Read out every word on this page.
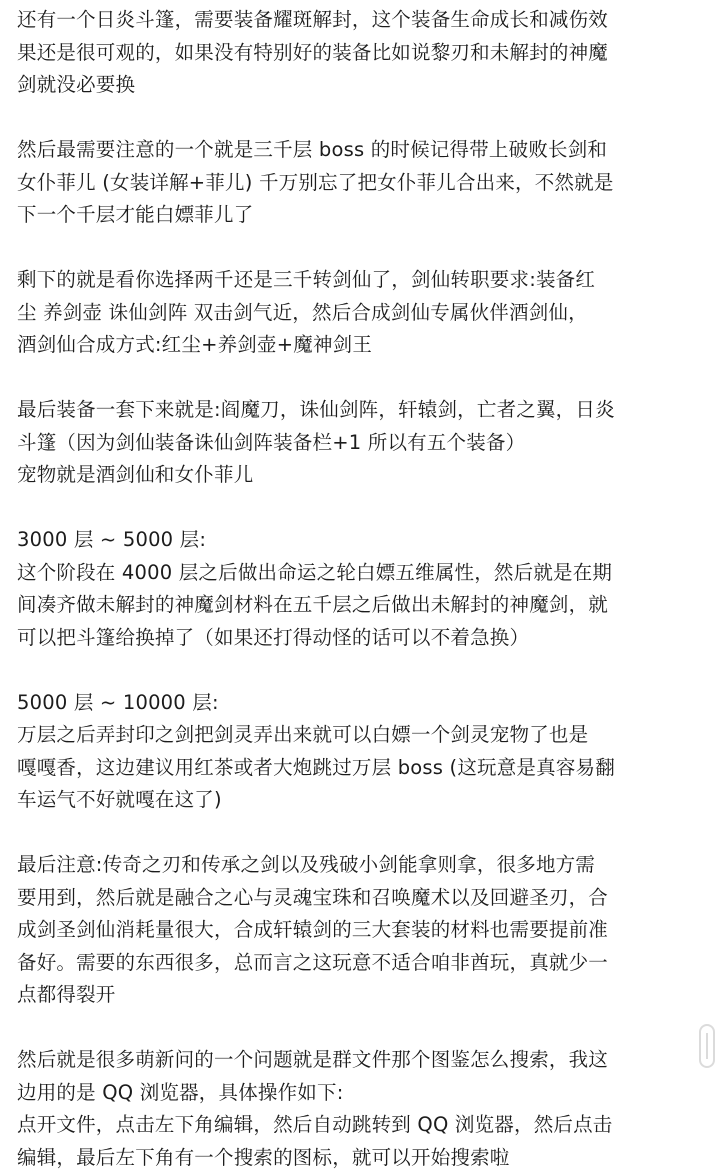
还有一个日炎斗篷，需要装备耀斑解封，这个装备生命成长和减伤效
果还是很可观的，如果没有特别好的装备比如说黎刃和未解封的神魔
剑就没必要换
然后最需要注意的一个就是三千层 boss 的时候记得带上破败长剑和
女仆菲儿 (女装详解+菲儿) 千万别忘了把女仆菲儿合出来，不然就是
下一个千层才能白嫖菲儿了
剩下的就是看你选择两千还是三千转剑仙了，剑仙转职要求:装备红
尘 养剑壶 诛仙剑阵 双击剑气近，然后合成剑仙专属伙伴酒剑仙，
酒剑仙合成方式:红尘+养剑壶+魔神剑王
最后装备一套下来就是:阎魔刀，诛仙剑阵，轩辕剑，亡者之翼，日炎
斗篷（因为剑仙装备诛仙剑阵装备栏+1 所以有五个装备）
宠物就是酒剑仙和女仆菲儿
3000 层 ~ 5000 层:
这个阶段在 4000 层之后做出命运之轮白嫖五维属性，然后就是在期
间凑齐做未解封的神魔剑材料在五千层之后做出未解封的神魔剑，就
可以把斗篷给换掉了（如果还打得动怪的话可以不着急换）
5000 层 ~ 10000 层:
万层之后弄封印之剑把剑灵弄出来就可以白嫖一个剑灵宠物了也是
嘎嘎香，这边建议用红茶或者大炮跳过万层 boss (这玩意是真容易翻
车运气不好就嘎在这了)
最后注意:传奇之刃和传承之剑以及残破小剑能拿则拿，很多地方需
要用到，然后就是融合之心与灵魂宝珠和召唤魔术以及回避圣刃，合
成剑圣剑仙消耗量很大，合成轩辕剑的三大套装的材料也需要提前准
备好。需要的东西很多，总而言之这玩意不适合咱非酋玩，真就少一
点都得裂开
然后就是很多萌新问的一个问题就是群文件那个图鉴怎么搜索，我这
边用的是 QQ 浏览器，具体操作如下:
点开文件，点击左下角编辑，然后自动跳转到 QQ 浏览器，然后点击
编辑，最后左下角有一个搜索的图标，就可以开始搜索啦
